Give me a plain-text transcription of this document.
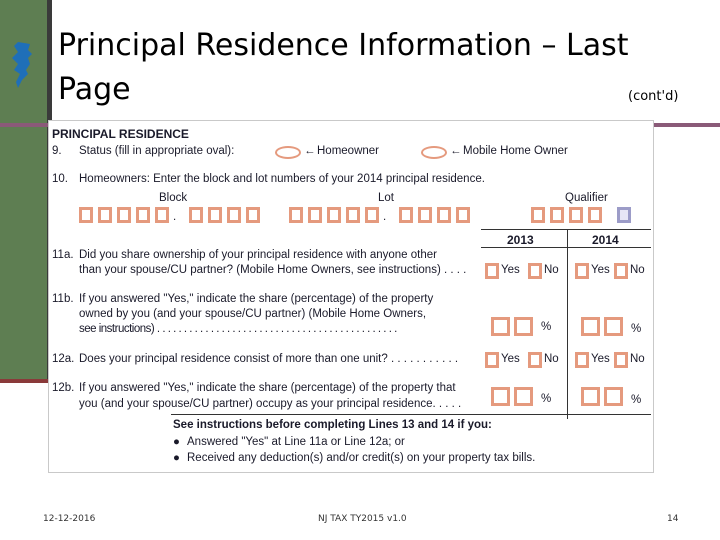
Principal Residence Information – Last Page	(cont'd)
PRINCIPAL RESIDENCE
9. Status (fill in appropriate oval):	← Homeowner	← Mobile Home Owner
10. Homeowners: Enter the block and lot numbers of your 2014 principal residence.
Block	Lot	Qualifier
.	.
2013	2014
11a. Did you share ownership of your principal residence with anyone other
than your spouse/CU partner? (Mobile Home Owners, see instructions) . . . .	Yes No	Yes No
11b. If you answered "Yes," indicate the share (percentage) of the property
owned by you (and your spouse/CU partner) (Mobile Home Owners,
see instructions) . . . . . . . . . . . . . . . . . . . . . . . . . . . . . . . . . . . . . . . . . . . . .	%	%
12a. Does your principal residence consist of more than one unit? . . . . . . . . . . .	Yes No	Yes No
12b. If you answered "Yes," indicate the share (percentage) of the property that
you (and your spouse/CU partner) occupy as your principal residence. . . . .	%	%
See instructions before completing Lines 13 and 14 if you:
● Answered "Yes" at Line 11a or Line 12a; or
● Received any deduction(s) and/or credit(s) on your property tax bills.
12-12-2016	NJ TAX TY2015 v1.0	14
